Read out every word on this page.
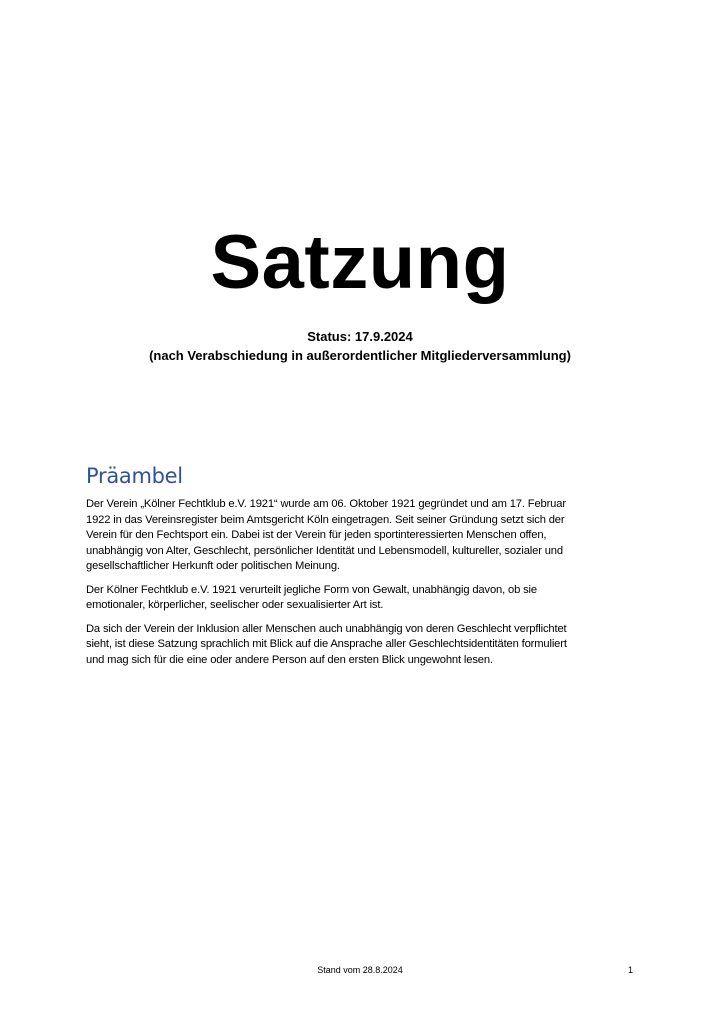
Satzung
Status: 17.9.2024
(nach Verabschiedung in außerordentlicher Mitgliederversammlung)
Präambel

Der Verein „Kölner Fechtklub e.V. 1921“ wurde am 06. Oktober 1921 gegründet und am 17. Februar
1922 in das Vereinsregister beim Amtsgericht Köln eingetragen. Seit seiner Gründung setzt sich der
Verein für den Fechtsport ein. Dabei ist der Verein für jeden sportinteressierten Menschen offen,
unabhängig von Alter, Geschlecht, persönlicher Identität und Lebensmodell, kultureller, sozialer und
gesellschaftlicher Herkunft oder politischen Meinung.

Der Kölner Fechtklub e.V. 1921 verurteilt jegliche Form von Gewalt, unabhängig davon, ob sie
emotionaler, körperlicher, seelischer oder sexualisierter Art ist.

Da sich der Verein der Inklusion aller Menschen auch unabhängig von deren Geschlecht verpflichtet
sieht, ist diese Satzung sprachlich mit Blick auf die Ansprache aller Geschlechtsidentitäten formuliert
und mag sich für die eine oder andere Person auf den ersten Blick ungewohnt lesen.

Stand vom 28.8.2024	1
